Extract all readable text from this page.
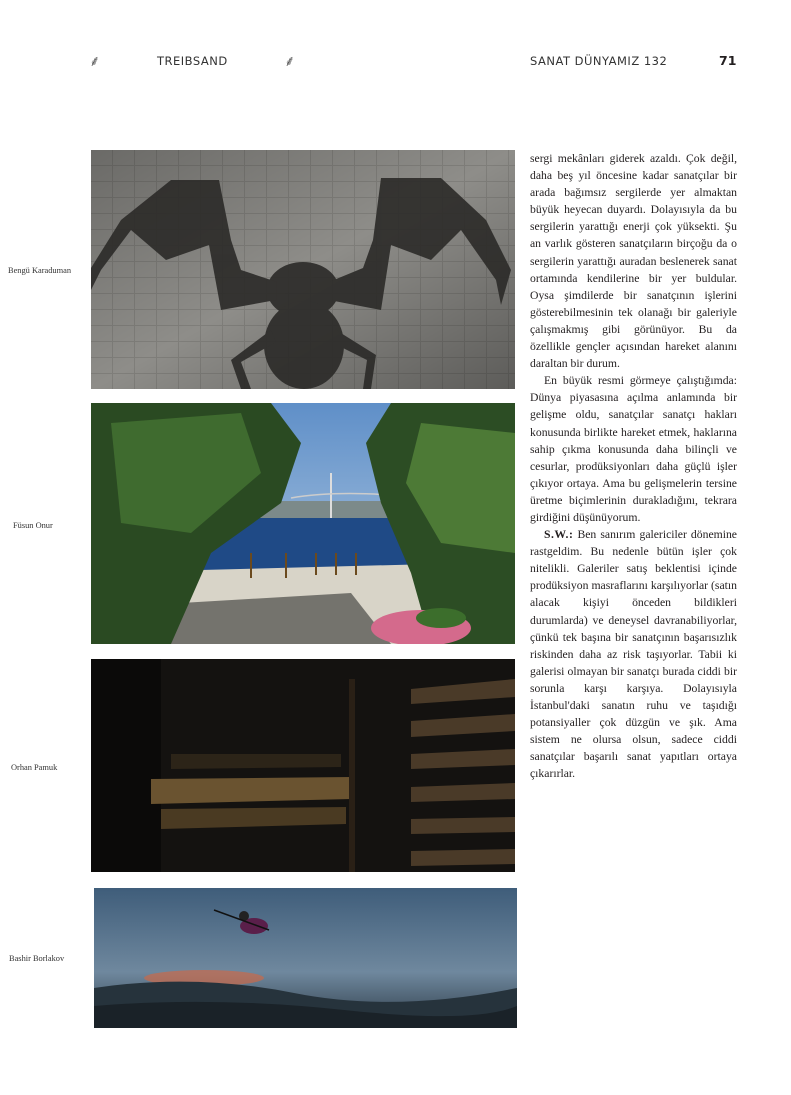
⸙	TREIBSAND	⸙	SANAT DÜNYAMIZ 132	71
Bengü Karaduman
Füsun Onur
Orhan Pamuk
Bashir Borlakov

sergi mekânları giderek azaldı. Çok değil, daha beş yıl öncesine kadar sanatçılar bir arada bağımsız sergilerde yer almaktan büyük heyecan duyardı. Dolayısıyla da bu sergilerin yarattığı enerji çok yüksekti. Şu an varlık gösteren sanatçıların birçoğu da o sergilerin yarattığı auradan beslenerek sanat ortamında kendilerine bir yer buldular. Oysa şimdilerde bir sanatçının işlerini gösterebilmesinin tek olanağı bir galeriyle çalışmakmış gibi görünüyor. Bu da özellikle gençler açısından hareket alanını daraltan bir durum.

En büyük resmi görmeye çalıştığımda: Dünya piyasasına açılma anlamında bir gelişme oldu, sanatçılar sanatçı hakları konusunda birlikte hareket etmek, haklarına sahip çıkma konusunda daha bilinçli ve cesurlar, prodüksiyonları daha güçlü işler çıkıyor ortaya. Ama bu gelişmelerin tersine üretme biçimlerinin durakladığını, tekrara girdiğini düşünüyorum.

S.W.: Ben sanırım galericiler dönemine rastgeldim. Bu nedenle bütün işler çok nitelikli. Galeriler satış beklentisi içinde prodüksiyon masraflarını karşılıyorlar (satın alacak kişiyi önceden bildikleri durumlarda) ve deneysel davranabiliyorlar, çünkü tek başına bir sanatçının başarısızlık riskinden daha az risk taşıyorlar. Tabii ki galerisi olmayan bir sanatçı burada ciddi bir sorunla karşı karşıya. Dolayısıyla İstanbul'daki sanatın ruhu ve taşıdığı potansiyaller çok düzgün ve şık. Ama sistem ne olursa olsun, sadece ciddi sanatçılar başarılı sanat yapıtları ortaya çıkarırlar.
